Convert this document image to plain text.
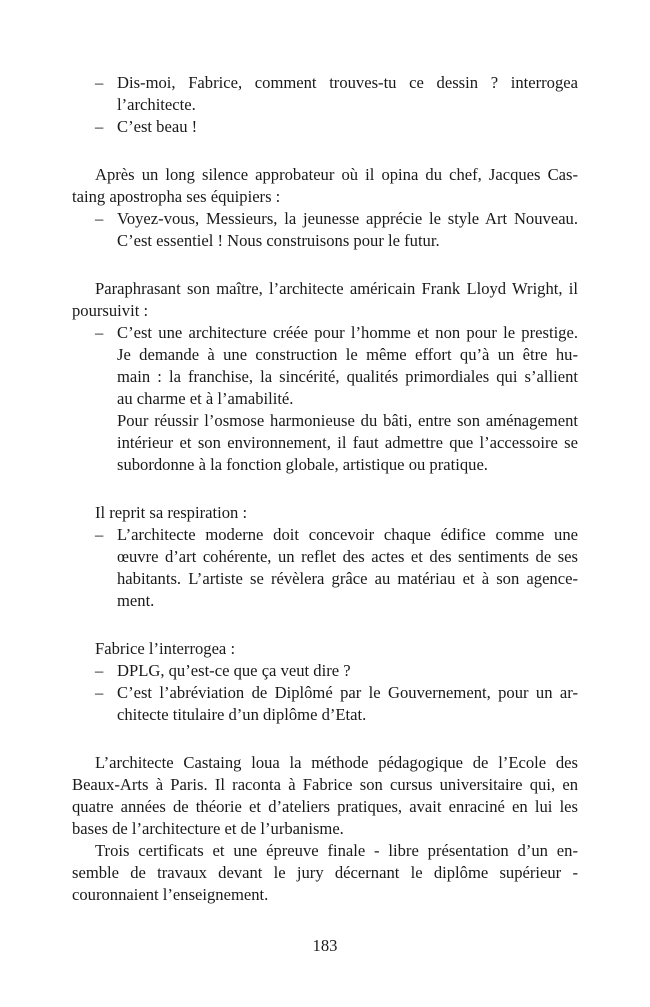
– Dis-moi, Fabrice, comment trouves-tu ce dessin ? interrogea
l’architecte.
– C’est beau !
Après un long silence approbateur où il opina du chef, Jacques Cas-
taing apostropha ses équipiers :
– Voyez-vous, Messieurs, la jeunesse apprécie le style Art Nouveau.
C’est essentiel ! Nous construisons pour le futur.
Paraphrasant son maître, l’architecte américain Frank Lloyd Wright, il
poursuivit :
– C’est une architecture créée pour l’homme et non pour le prestige.
Je demande à une construction le même effort qu’à un être hu-
main : la franchise, la sincérité, qualités primordiales qui s’allient
au charme et à l’amabilité.
Pour réussir l’osmose harmonieuse du bâti, entre son aménagement
intérieur et son environnement, il faut admettre que l’accessoire se
subordonne à la fonction globale, artistique ou pratique.
Il reprit sa respiration :
– L’architecte moderne doit concevoir chaque édifice comme une
œuvre d’art cohérente, un reflet des actes et des sentiments de ses
habitants. L’artiste se révèlera grâce au matériau et à son agence-
ment.
Fabrice l’interrogea :
– DPLG, qu’est-ce que ça veut dire ?
– C’est l’abréviation de Diplômé par le Gouvernement, pour un ar-
chitecte titulaire d’un diplôme d’Etat.
L’architecte Castaing loua la méthode pédagogique de l’Ecole des
Beaux-Arts à Paris. Il raconta à Fabrice son cursus universitaire qui, en
quatre années de théorie et d’ateliers pratiques, avait enraciné en lui les
bases de l’architecture et de l’urbanisme.
Trois certificats et une épreuve finale - libre présentation d’un en-
semble de travaux devant le jury décernant le diplôme supérieur -
couronnaient l’enseignement.
183
